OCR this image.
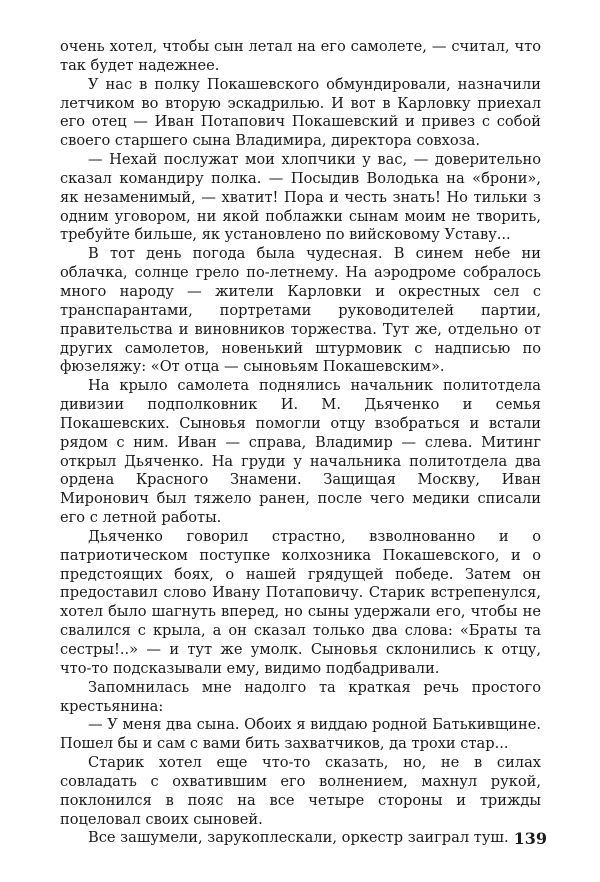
очень хотел, чтобы сын летал на его самолете, — считал, что так будет надежнее.

У нас в полку Покашевского обмундировали, назначили летчиком во вторую эскадрилью. И вот в Карловку приехал его отец — Иван Потапович Покашевский и привез с собой своего старшего сына Владимира, директора совхоза.

— Нехай послужат мои хлопчики у вас, — доверительно сказал командиру полка. — Посыдив Володька на «брони», як незаменимый, — хватит! Пора и честь знать! Но тильки з одним уговором, ни якой поблажки сынам моим не творить, требуйте бильше, як установлено по вийсковому Уставу...

В тот день погода была чудесная. В синем небе ни облачка, солнце грело по-летнему. На аэродроме собралось много народу — жители Карловки и окрестных сел с транспарантами, портретами руководителей партии, правительства и виновников торжества. Тут же, отдельно от других самолетов, новенький штурмовик с надписью по фюзеляжу: «От отца — сыновьям Покашевским».

На крыло самолета поднялись начальник политотдела дивизии подполковник И. М. Дьяченко и семья Покашевских. Сыновья помогли отцу взобраться и встали рядом с ним. Иван — справа, Владимир — слева. Митинг открыл Дьяченко. На груди у начальника политотдела два ордена Красного Знамени. Защищая Москву, Иван Миронович был тяжело ранен, после чего медики списали его с летной работы.

Дьяченко говорил страстно, взволнованно и о патриотическом поступке колхозника Покашевского, и о предстоящих боях, о нашей грядущей победе. Затем он предоставил слово Ивану Потаповичу. Старик встрепенулся, хотел было шагнуть вперед, но сыны удержали его, чтобы не свалился с крыла, а он сказал только два слова: «Браты та сестры!..» — и тут же умолк. Сыновья склонились к отцу, что-то подсказывали ему, видимо подбадривали.

Запомнилась мне надолго та краткая речь простого крестьянина:

— У меня два сына. Обоих я виддаю родной Батькивщине. Пошел бы и сам с вами бить захватчиков, да трохи стар...

Старик хотел еще что-то сказать, но, не в силах совладать с охватившим его волнением, махнул рукой, поклонился в пояс на все четыре стороны и трижды поцеловал своих сыновей.

Все зашумели, зарукоплескали, оркестр заиграл туш. 139
